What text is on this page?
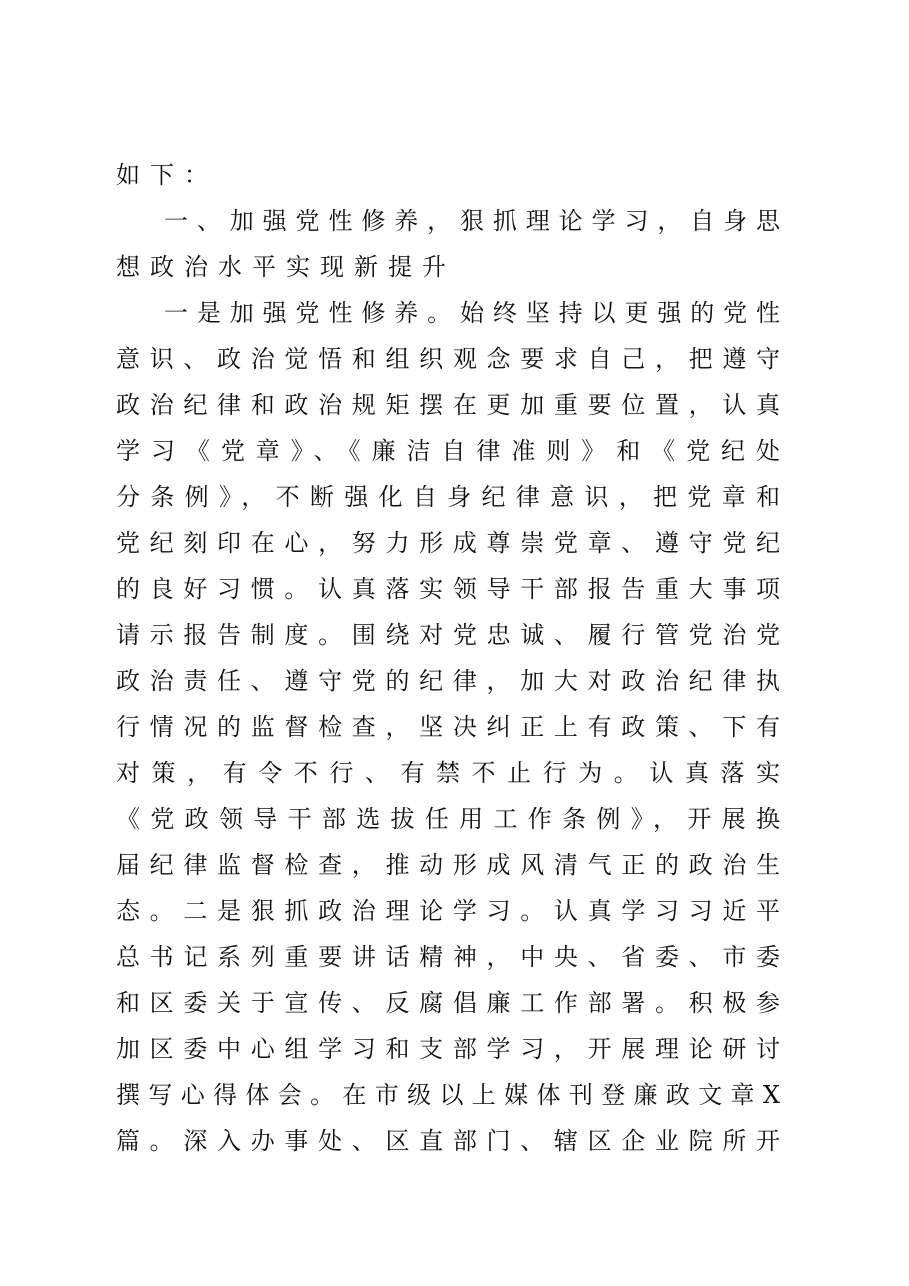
如下：
一、加强党性修养，狠抓理论学习，自身思
想政治水平实现新提升
一是加强党性修养。始终坚持以更强的党性
意识、政治觉悟和组织观念要求自己，把遵守
政治纪律和政治规矩摆在更加重要位置，认真
学习《党章》、《廉洁自律准则》和《党纪处
分条例》，不断强化自身纪律意识，把党章和
党纪刻印在心，努力形成尊崇党章、遵守党纪
的良好习惯。认真落实领导干部报告重大事项
请示报告制度。围绕对党忠诚、履行管党治党
政治责任、遵守党的纪律，加大对政治纪律执
行情况的监督检查，坚决纠正上有政策、下有
对策，有令不行、有禁不止行为。认真落实
《党政领导干部选拔任用工作条例》，开展换
届纪律监督检查，推动形成风清气正的政治生
态。二是狠抓政治理论学习。认真学习习近平
总书记系列重要讲话精神，中央、省委、市委
和区委关于宣传、反腐倡廉工作部署。积极参
加区委中心组学习和支部学习，开展理论研讨
撰写心得体会。在市级以上媒体刊登廉政文章X
篇。深入办事处、区直部门、辖区企业院所开
